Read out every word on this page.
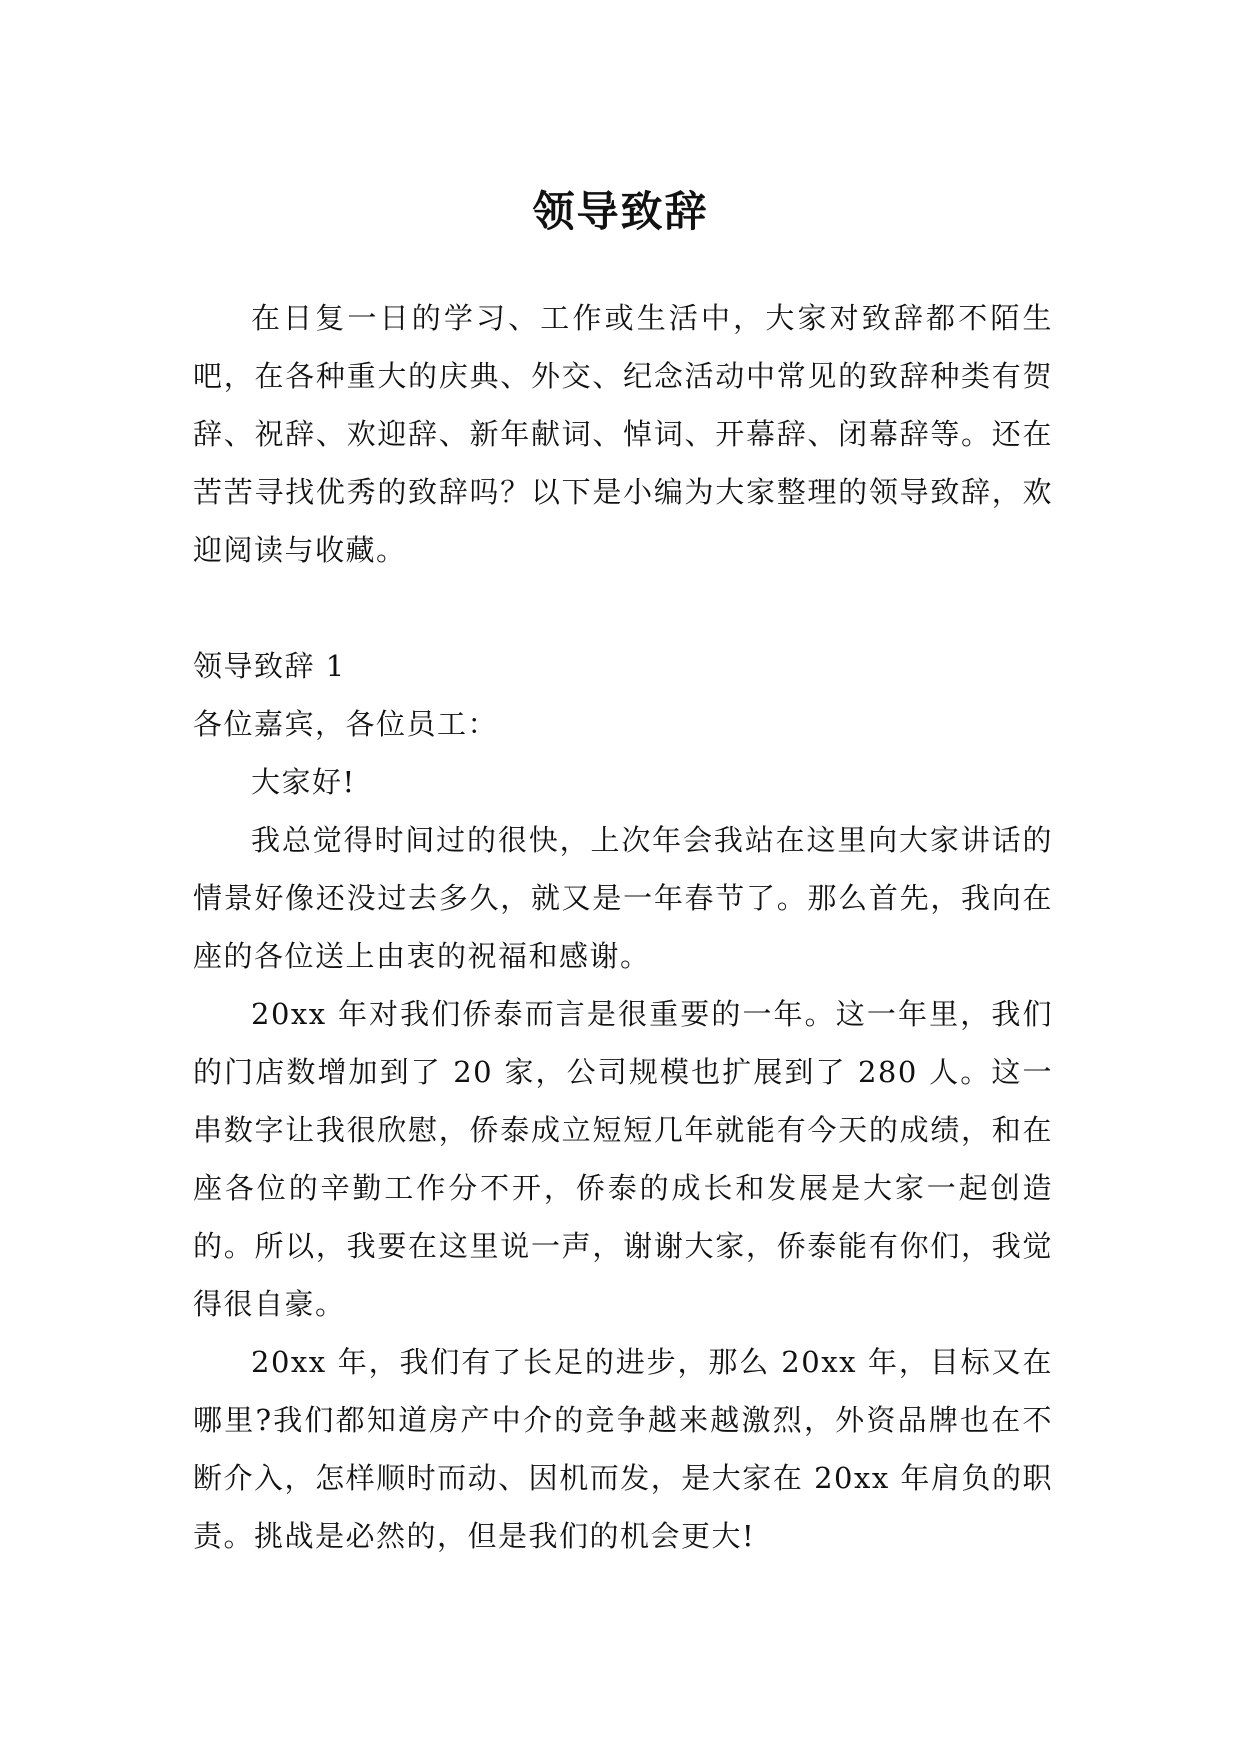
领导致辞

在日复一日的学习、工作或生活中，大家对致辞都不陌生吧，在各种重大的庆典、外交、纪念活动中常见的致辞种类有贺辞、祝辞、欢迎辞、新年献词、悼词、开幕辞、闭幕辞等。还在苦苦寻找优秀的致辞吗？以下是小编为大家整理的领导致辞，欢迎阅读与收藏。

领导致辞 1

各位嘉宾，各位员工：

大家好!

我总觉得时间过的很快，上次年会我站在这里向大家讲话的情景好像还没过去多久，就又是一年春节了。那么首先，我向在座的各位送上由衷的祝福和感谢。

20xx 年对我们侨泰而言是很重要的一年。这一年里，我们的门店数增加到了 20 家，公司规模也扩展到了 280 人。这一串数字让我很欣慰，侨泰成立短短几年就能有今天的成绩，和在座各位的辛勤工作分不开，侨泰的成长和发展是大家一起创造的。所以，我要在这里说一声，谢谢大家，侨泰能有你们，我觉得很自豪。

20xx 年，我们有了长足的进步，那么 20xx 年，目标又在哪里?我们都知道房产中介的竞争越来越激烈，外资品牌也在不断介入，怎样顺时而动、因机而发，是大家在 20xx 年肩负的职责。挑战是必然的，但是我们的机会更大!
